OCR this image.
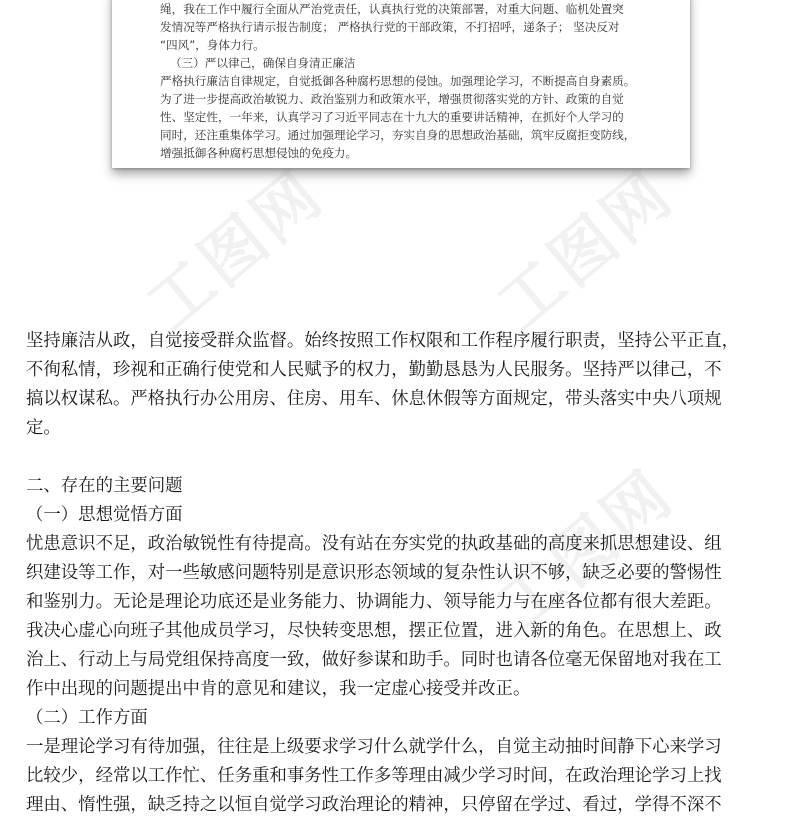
绳，我在工作中履行全面从严治党责任，认真执行党的决策部署，对重大问题、临机处置突
发情况等严格执行请示报告制度； 严格执行党的干部政策，不打招呼，递条子； 坚决反对
“四风”，身体力行。
（三）严以律己，确保自身清正廉洁
严格执行廉洁自律规定，自觉抵御各种腐朽思想的侵蚀。加强理论学习，不断提高自身素质。
为了进一步提高政治敏锐力、政治鉴别力和政策水平，增强贯彻落实党的方针、政策的自觉
性、坚定性，一年来，认真学习了习近平同志在十九大的重要讲话精神，在抓好个人学习的
同时，还注重集体学习。通过加强理论学习，夯实自身的思想政治基础，筑牢反腐拒变防线，
增强抵御各种腐朽思想侵蚀的免疫力。
工图网 工图网
工图网
坚持廉洁从政，自觉接受群众监督。始终按照工作权限和工作程序履行职责，坚持公平正直，
不徇私情，珍视和正确行使党和人民赋予的权力，勤勤恳恳为人民服务。坚持严以律己，不
搞以权谋私。严格执行办公用房、住房、用车、休息休假等方面规定，带头落实中央八项规
定。
二、存在的主要问题
（一）思想觉悟方面
忧患意识不足，政治敏锐性有待提高。没有站在夯实党的执政基础的高度来抓思想建设、组
织建设等工作，对一些敏感问题特别是意识形态领域的复杂性认识不够，缺乏必要的警惕性
和鉴别力。无论是理论功底还是业务能力、协调能力、领导能力与在座各位都有很大差距。
我决心虚心向班子其他成员学习，尽快转变思想，摆正位置，进入新的角色。在思想上、政
治上、行动上与局党组保持高度一致，做好参谋和助手。同时也请各位毫无保留地对我在工
作中出现的问题提出中肯的意见和建议，我一定虚心接受并改正。
（二）工作方面
一是理论学习有待加强，往往是上级要求学习什么就学什么，自觉主动抽时间静下心来学习
比较少，经常以工作忙、任务重和事务性工作多等理由减少学习时间，在政治理论学习上找
理由、惰性强，缺乏持之以恒自觉学习政治理论的精神，只停留在学过、看过，学得不深不
